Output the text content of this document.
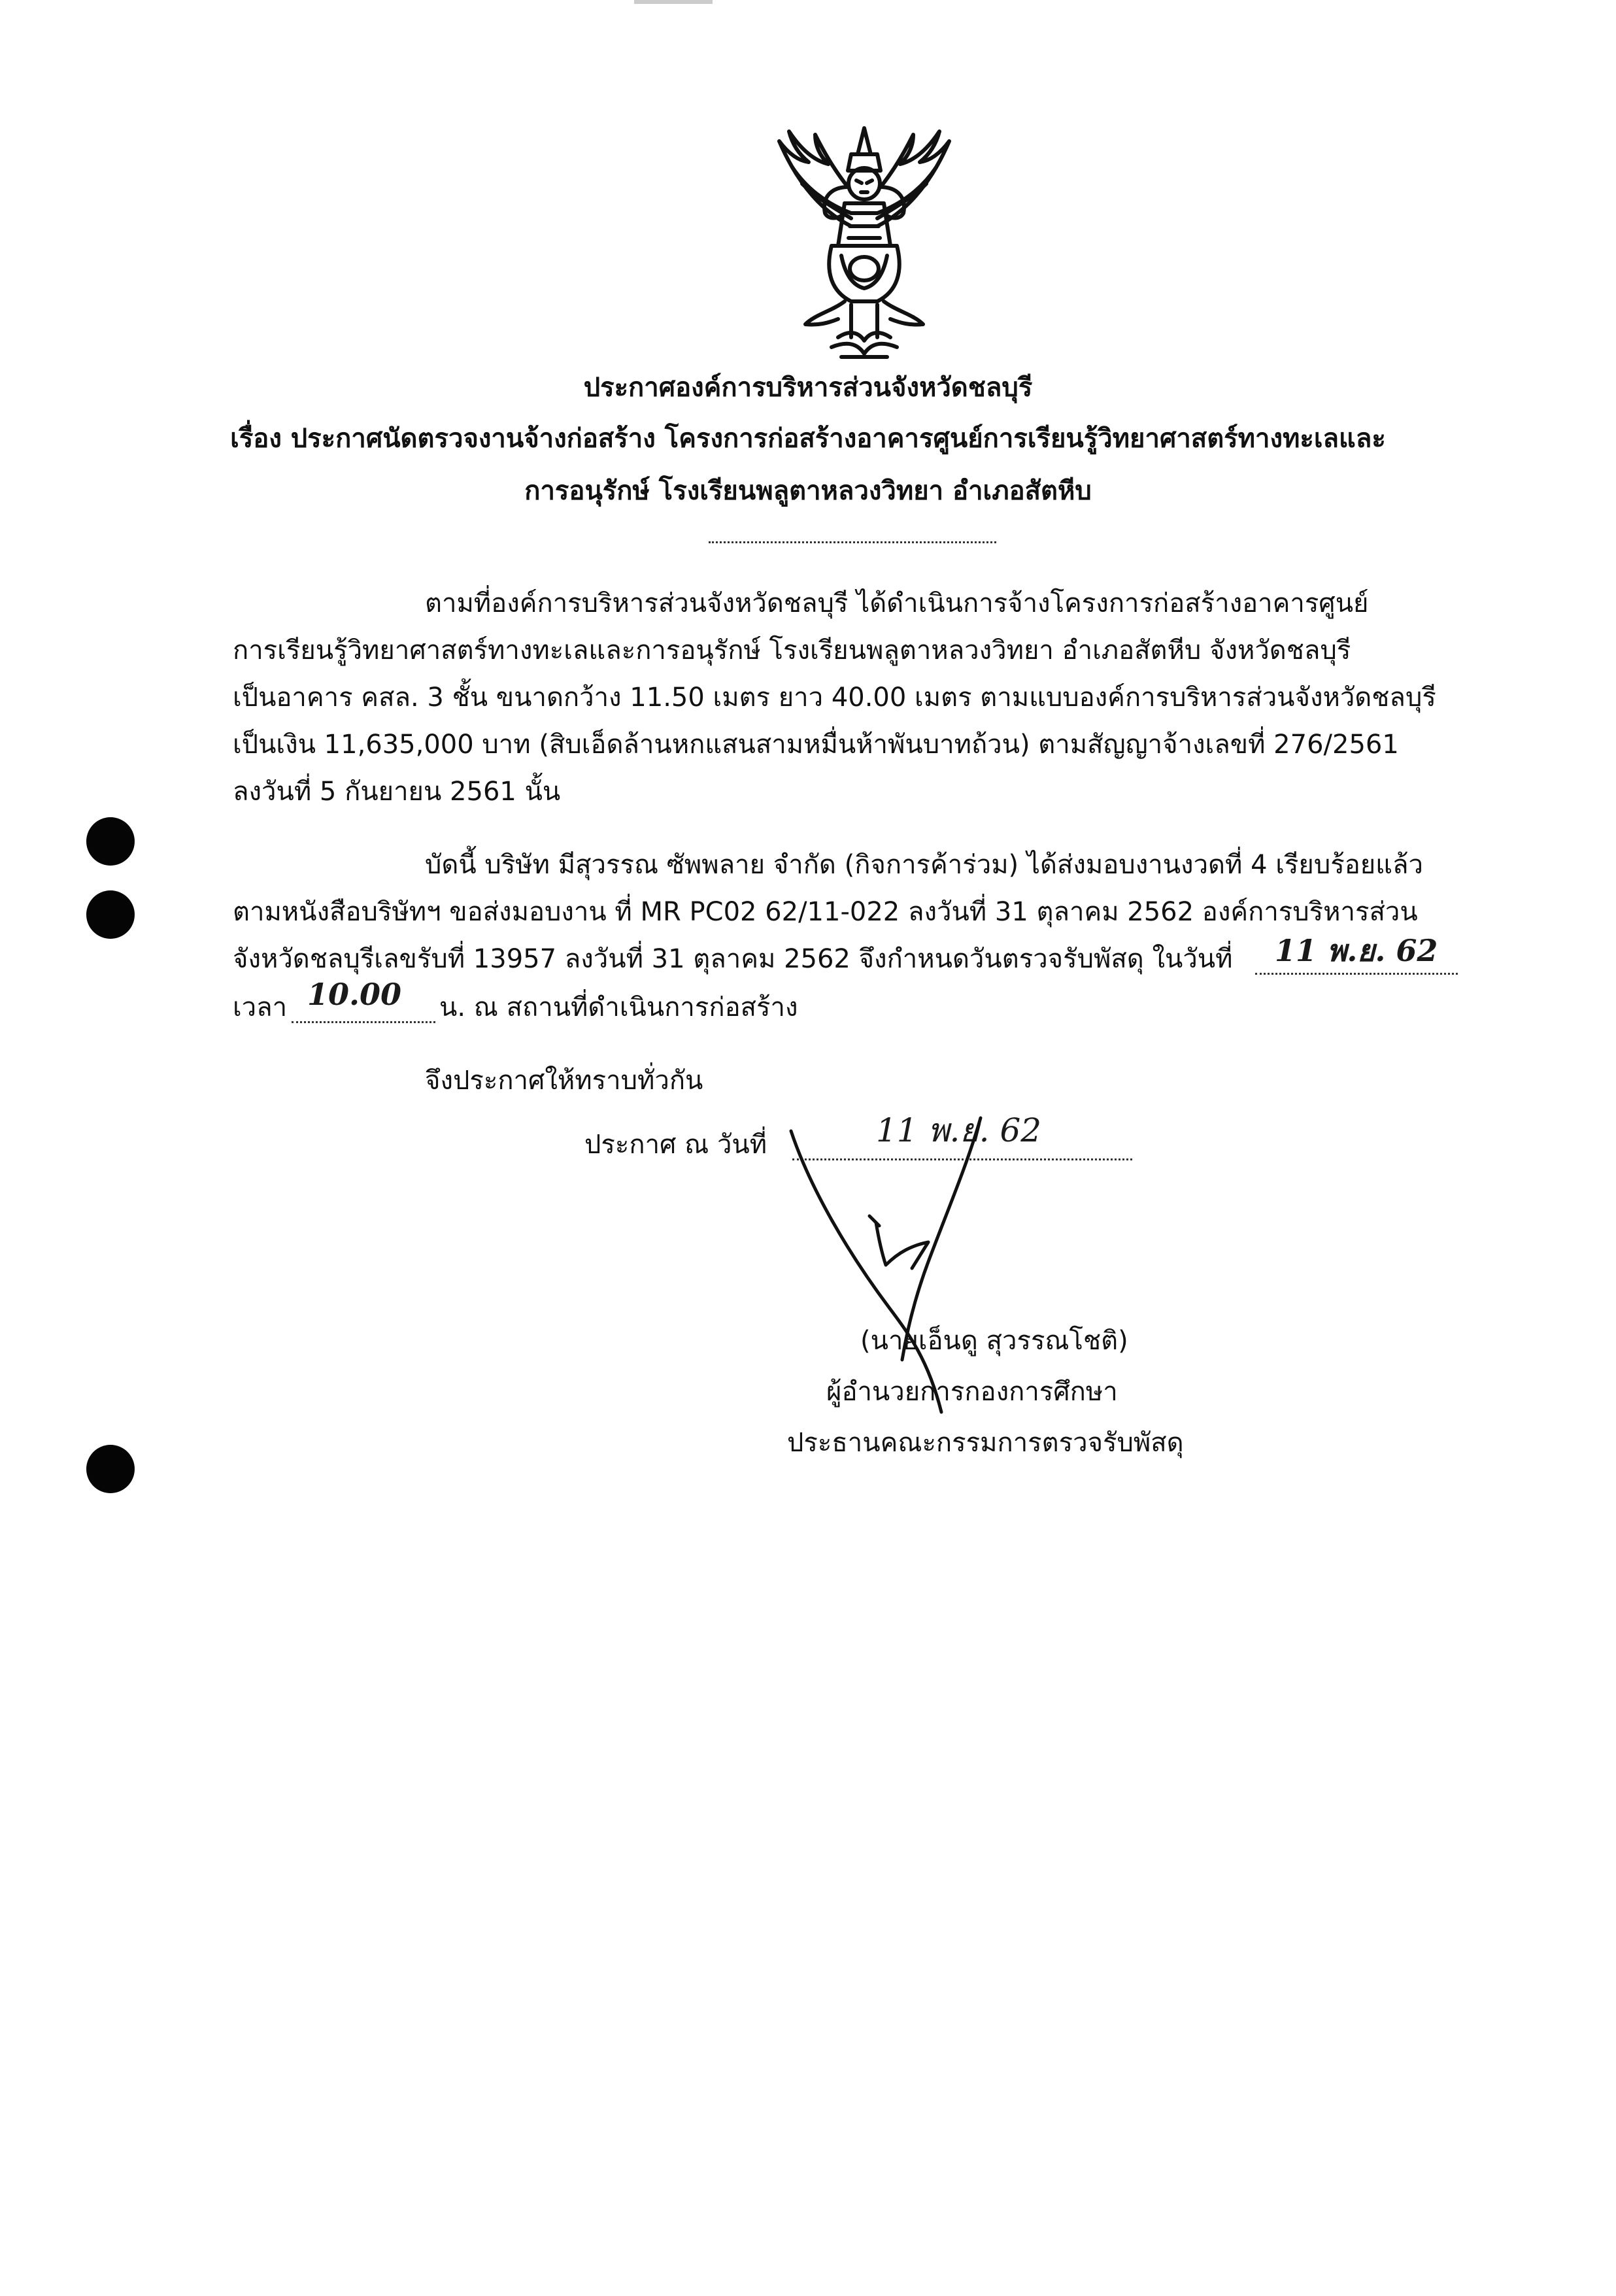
ประกาศองค์การบริหารส่วนจังหวัดชลบุรี
เรื่อง ประกาศนัดตรวจงานจ้างก่อสร้าง โครงการก่อสร้างอาคารศูนย์การเรียนรู้วิทยาศาสตร์ทางทะเลและ
การอนุรักษ์ โรงเรียนพลูตาหลวงวิทยา อำเภอสัตหีบ
ตามที่องค์การบริหารส่วนจังหวัดชลบุรี ได้ดำเนินการจ้างโครงการก่อสร้างอาคารศูนย์
การเรียนรู้วิทยาศาสตร์ทางทะเลและการอนุรักษ์ โรงเรียนพลูตาหลวงวิทยา อำเภอสัตหีบ จังหวัดชลบุรี
เป็นอาคาร คสล. 3 ชั้น ขนาดกว้าง 11.50 เมตร ยาว 40.00 เมตร ตามแบบองค์การบริหารส่วนจังหวัดชลบุรี
เป็นเงิน 11,635,000 บาท (สิบเอ็ดล้านหกแสนสามหมื่นห้าพันบาทถ้วน) ตามสัญญาจ้างเลขที่ 276/2561
ลงวันที่ 5 กันยายน 2561 นั้น
บัดนี้ บริษัท มีสุวรรณ ซัพพลาย จำกัด (กิจการค้าร่วม) ได้ส่งมอบงานงวดที่ 4 เรียบร้อยแล้ว
ตามหนังสือบริษัทฯ ขอส่งมอบงาน ที่ MR PC02 62/11-022 ลงวันที่ 31 ตุลาคม 2562 องค์การบริหารส่วน
จังหวัดชลบุรีเลขรับที่ 13957 ลงวันที่ 31 ตุลาคม 2562 จึงกำหนดวันตรวจรับพัสดุ ในวันที่ 11 พ.ย. 62
เวลา 10.00 น. ณ สถานที่ดำเนินการก่อสร้าง
จึงประกาศให้ทราบทั่วกัน
ประกาศ ณ วันที่	11 พ.ย. 62
(นายเอ็นดู สุวรรณโชติ)
ผู้อำนวยการกองการศึกษา
ประธานคณะกรรมการตรวจรับพัสดุ
